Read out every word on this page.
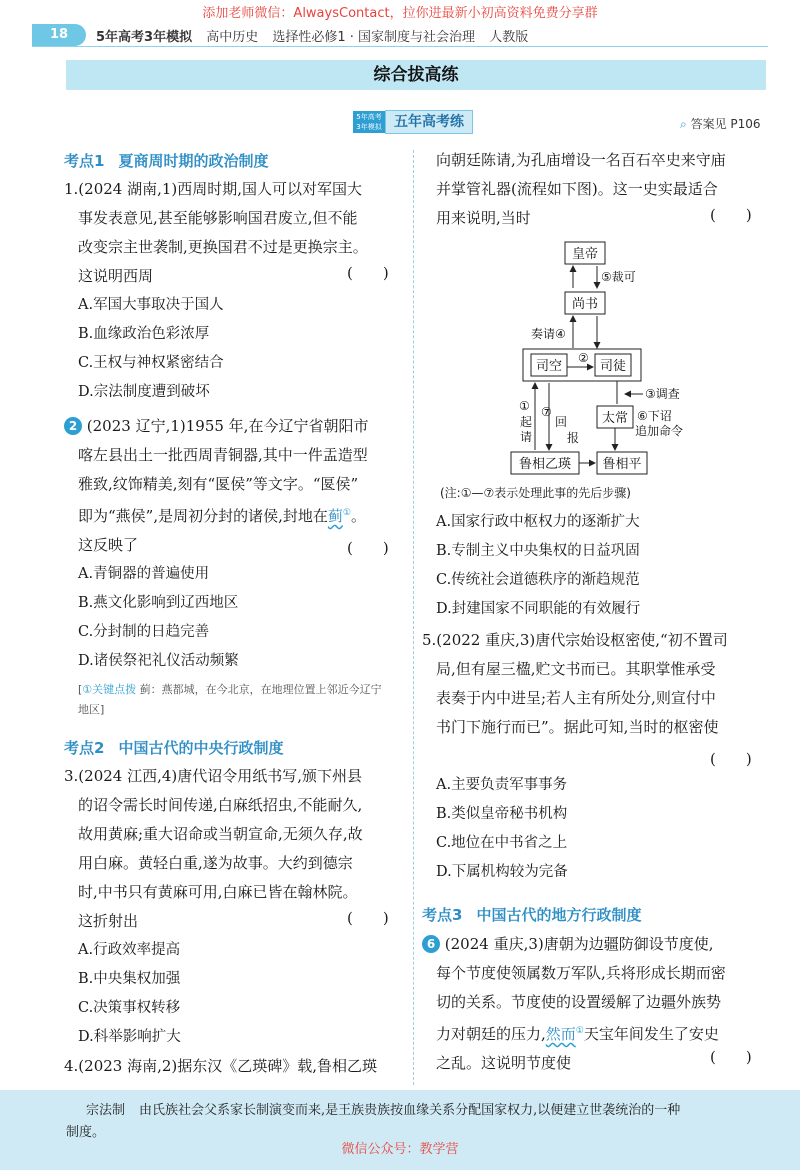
添加老师微信：AlwaysContact，拉你进最新小初高资料免费分享群
18	5年高考3年模拟 高中历史 选择性必修1 · 国家制度与社会治理 人教版
综合拔高练
5年高考 3年模拟 五年高考练	⌕ 答案见 P106
考点1 夏商周时期的政治制度
1.(2024 湖南,1)西周时期,国人可以对军国大
事发表意见,甚至能够影响国君废立,但不能
改变宗主世袭制,更换国君不过是更换宗主。
这说明西周
A.军国大事取决于国人
B.血缘政治色彩浓厚
C.王权与神权紧密结合
D.宗法制度遭到破坏
(　　)
2 (2023 辽宁,1)1955 年,在今辽宁省朝阳市
喀左县出土一批西周青铜器,其中一件盂造型
雅致,纹饰精美,刻有“匽侯”等文字。“匽侯”
即为“燕侯”,是周初分封的诸侯,封地在蓟①。
这反映了
A.青铜器的普遍使用
B.燕文化影响到辽西地区
C.分封制的日趋完善
D.诸侯祭祀礼仪活动频繁
(　　)
[①关键点拨 蓟：燕都城，在今北京，在地理位置上邻近今辽宁
地区]
考点2 中国古代的中央行政制度
3.(2024 江西,4)唐代诏令用纸书写,颁下州县
的诏令需长时间传递,白麻纸招虫,不能耐久,
故用黄麻;重大诏命或当朝宣命,无须久存,故
用白麻。黄轻白重,遂为故事。大约到德宗
时,中书只有黄麻可用,白麻已皆在翰林院。
这折射出
A.行政效率提高
B.中央集权加强
C.决策事权转移
D.科举影响扩大
(　　)
4.(2023 海南,2)据东汉《乙瑛碑》载,鲁相乙瑛
向朝廷陈请,为孔庙增设一名百石卒史来守庙
并掌管礼器(流程如下图)。这一史实最适合
用来说明,当时	(　　)
皇帝
⑤裁可
尚书
奏请④
司空
②
司徒
③调查
太常 ⑥下诏
追加命令
①
起
请
⑦
回
报
鲁相乙瑛 鲁相平
(注:①—⑦表示处理此事的先后步骤)
A.国家行政中枢权力的逐渐扩大
B.专制主义中央集权的日益巩固
C.传统社会道德秩序的渐趋规范
D.封建国家不同职能的有效履行
5.(2022 重庆,3)唐代宗始设枢密使,“初不置司
局,但有屋三楹,贮文书而已。其职掌惟承受
表奏于内中进呈;若人主有所处分,则宣付中
书门下施行而已”。据此可知,当时的枢密使
A.主要负责军事事务
B.类似皇帝秘书机构
C.地位在中书省之上
D.下属机构较为完备
(　　)
考点3 中国古代的地方行政制度
6 (2024 重庆,3)唐朝为边疆防御设节度使,
每个节度使领属数万军队,兵将形成长期而密
切的关系。节度使的设置缓解了边疆外族势
力对朝廷的压力,然而①天宝年间发生了安史
之乱。这说明节度使	(　　)
宗法制 由氏族社会父系家长制演变而来,是王族贵族按血缘关系分配国家权力,以便建立世袭统治的一种
制度。
微信公众号：教学营
